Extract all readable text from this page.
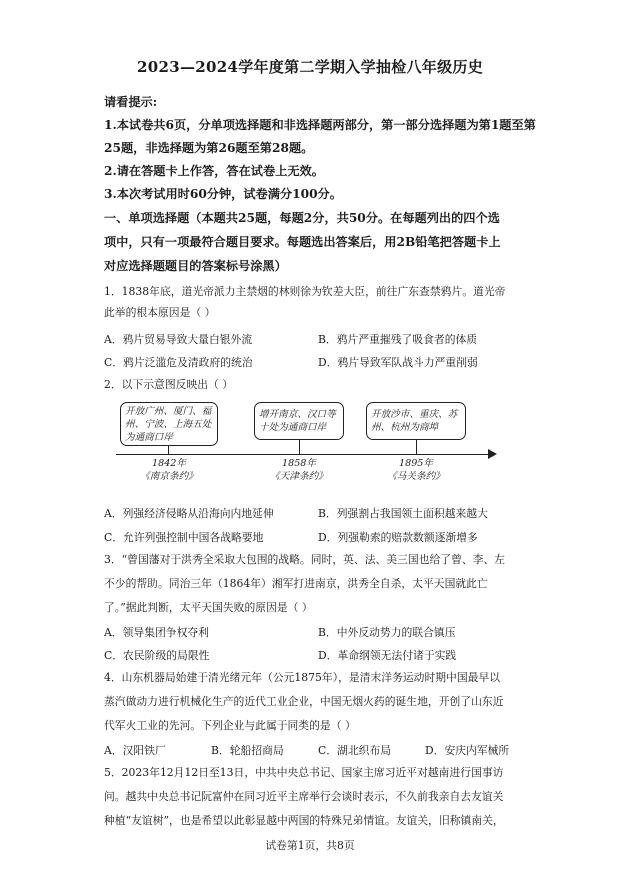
2023—2024学年度第二学期入学抽检八年级历史
请看提示:
1.本试卷共6页，分单项选择题和非选择题两部分，第一部分选择题为第1题至第
25题，非选择题为第26题至第28题。
2.请在答题卡上作答，答在试卷上无效。
3.本次考试用时60分钟，试卷满分100分。
一、单项选择题（本题共25题，每题2分，共50分。在每题列出的四个选
项中，只有一项最符合题目要求。每题选出答案后，用2B铅笔把答题卡上
对应选择题题目的答案标号涂黑）
1．1838年底，道光帝派力主禁烟的林则徐为钦差大臣，前往广东查禁鸦片。道光帝
此举的根本原因是（ ）
A．鸦片贸易导致大量白银外流	B．鸦片严重摧残了吸食者的体质
C．鸦片泛滥危及清政府的统治	D．鸦片导致军队战斗力严重削弱
2．以下示意图反映出（ ）
开放广州、厦门、福州、宁波、上海五处为通商口岸
增开南京、汉口等十处为通商口岸
开放沙市、重庆、苏州、杭州为商埠
1842年
《南京条约》
1858年
《天津条约》
1895年
《马关条约》
A．列强经济侵略从沿海向内地延伸	B．列强割占我国领土面积越来越大
C．允许列强控制中国各战略要地	D．列强勒索的赔款数额逐渐增多
3．“曾国藩对于洪秀全采取大包围的战略。同时，英、法、美三国也给了曾、李、左
不少的帮助。同治三年（1864年）湘军打进南京，洪秀全自杀，太平天国就此亡
了。”据此判断，太平天国失败的原因是（ ）
A．领导集团争权夺利	B．中外反动势力的联合镇压
C．农民阶级的局限性	D．革命纲领无法付诸于实践
4．山东机器局始建于清光绪元年（公元1875年），是清末洋务运动时期中国最早以
蒸汽做动力进行机械化生产的近代工业企业，中国无烟火药的诞生地，开创了山东近
代军火工业的先河。下列企业与此属于同类的是（ ）
A．汉阳铁厂	B．轮船招商局	C．湖北织布局	D．安庆内军械所
5．2023年12月12日至13日，中共中央总书记、国家主席习近平对越南进行国事访
问。越共中央总书记阮富仲在同习近平主席举行会谈时表示，不久前我亲自去友谊关
种植“友谊树”，也是希望以此彰显越中两国的特殊兄弟情谊。友谊关，旧称镇南关，
试卷第1页，共8页
